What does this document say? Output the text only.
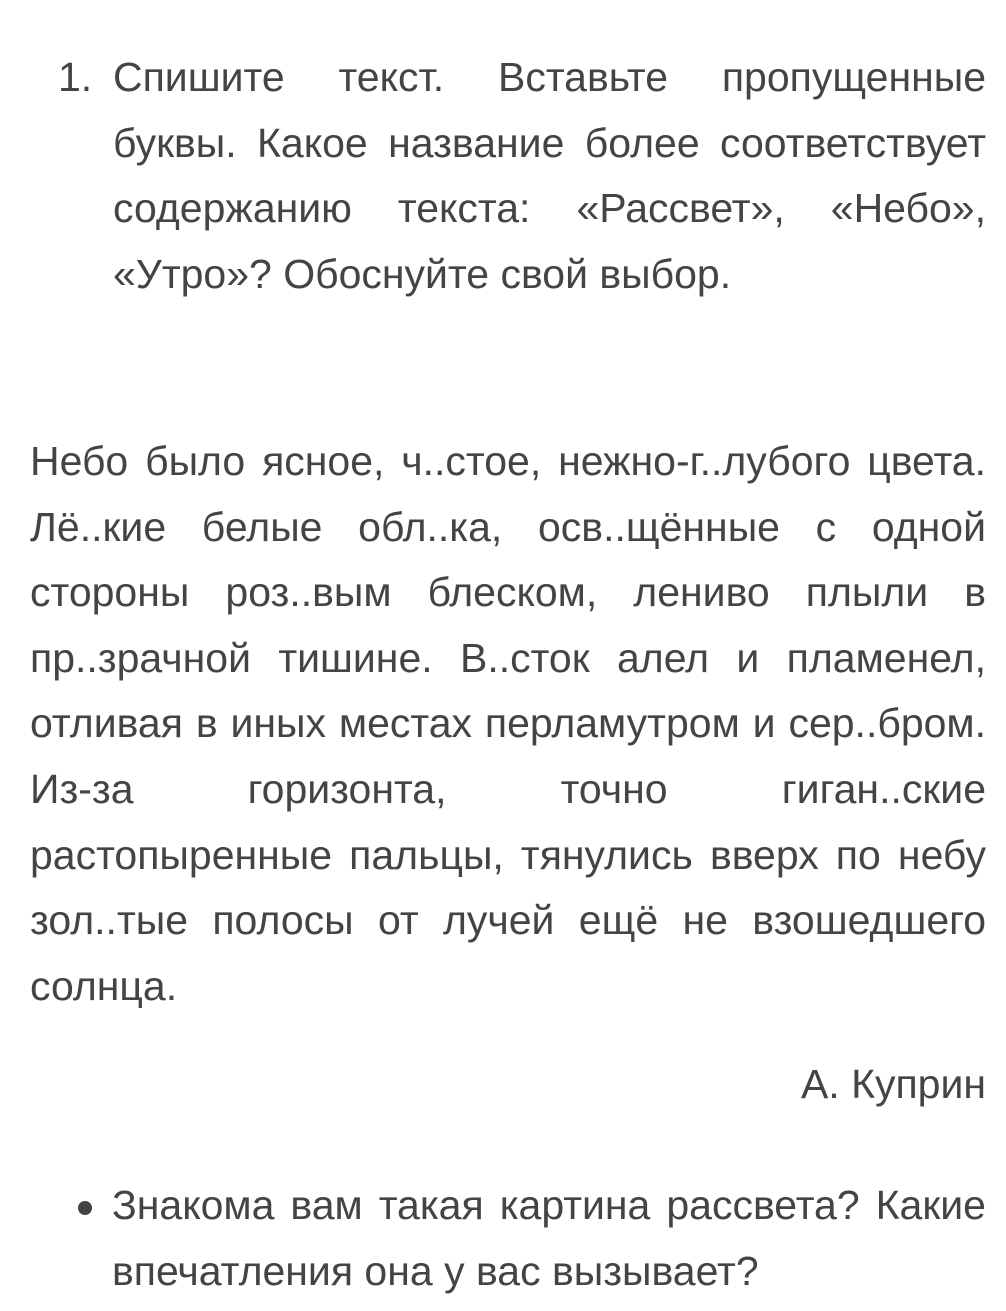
1. Спишите текст. Вставьте пропущенные буквы. Какое название более соответствует содержанию текста: «Рассвет», «Небо», «Утро»? Обоснуйте свой выбор.
Небо было ясное, ч..стое, нежно-г..лубого цвета. Лё..кие белые обл..ка, осв..щённые с одной стороны роз..вым блеском, лениво плыли в пр..зрачной тишине. В..сток алел и пламенел, отливая в иных местах перламутром и сер..бром. Из-за горизонта, точно гиган..ские растопыренные пальцы, тянулись вверх по небу зол..тые полосы от лучей ещё не взошедшего солнца.
А. Куприн
Знакома вам такая картина рассвета? Какие впечатления она у вас вызывает?
